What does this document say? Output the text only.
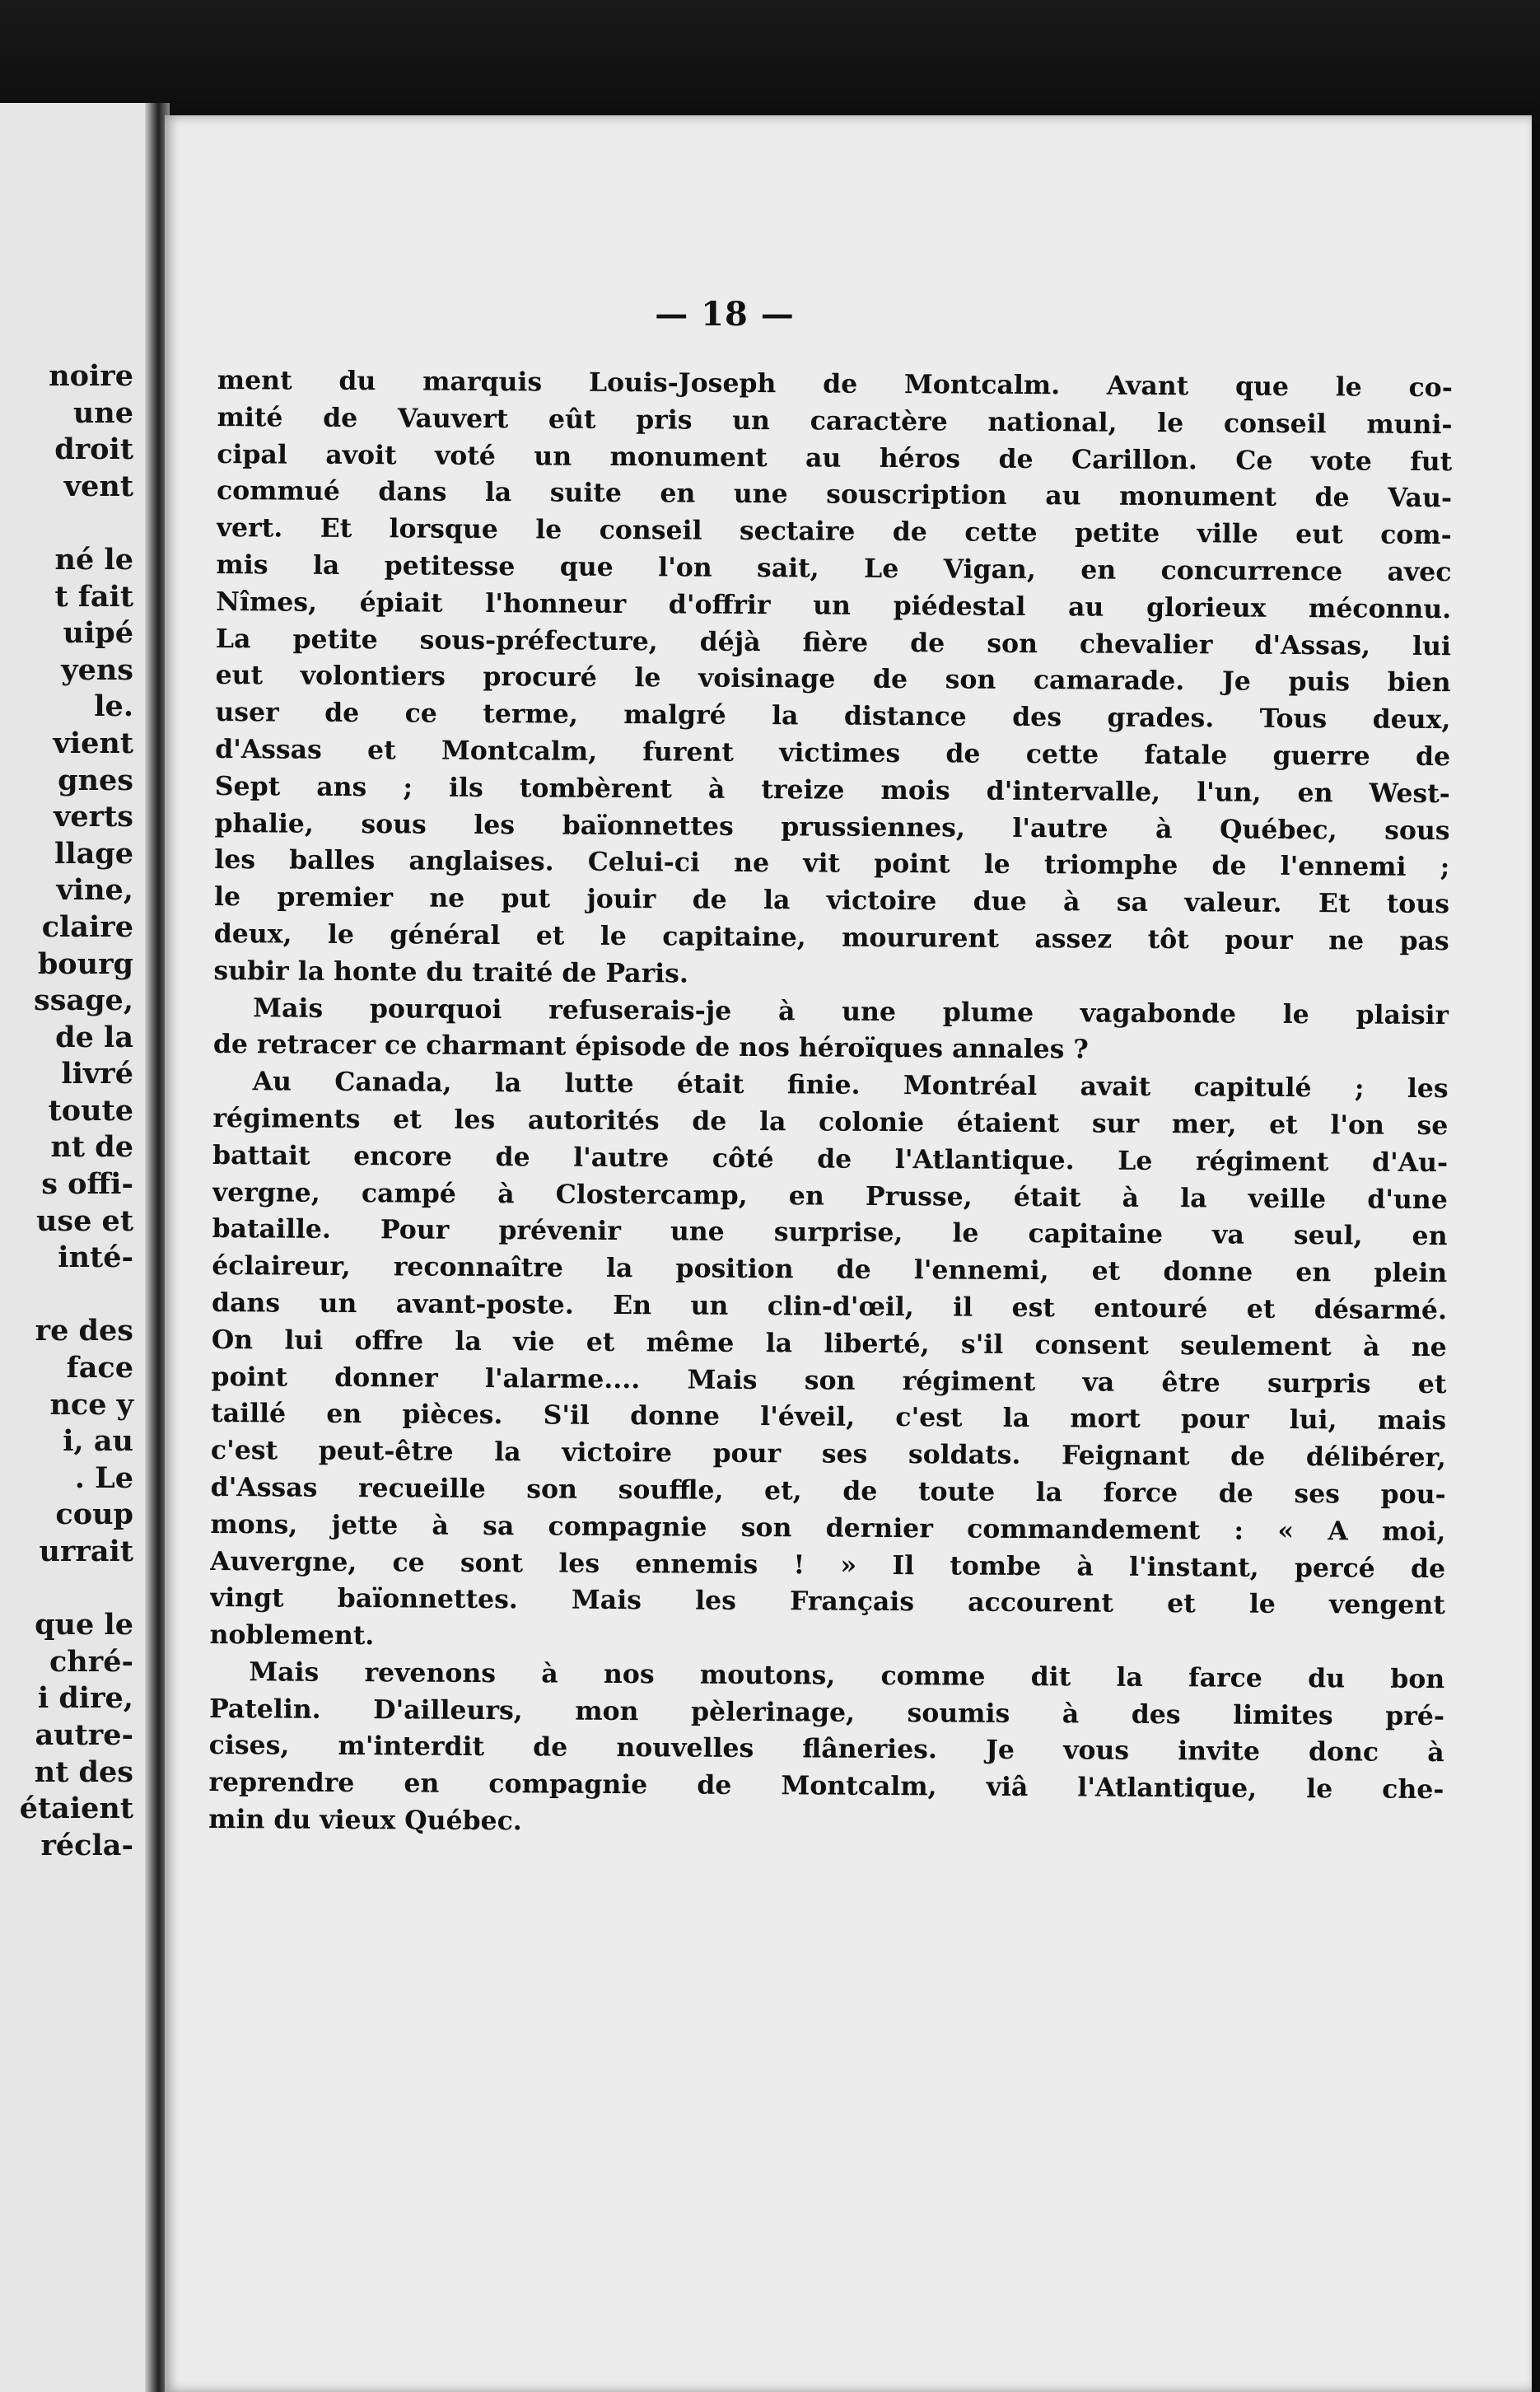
noire
une
droit
vent
né le
t fait
uipé
yens
le.
vient
gnes
verts
llage
vine,
claire
bourg
ssage,
de la
livré
toute
nt de
s offi-
use et
inté-
re des
face
nce y
i, au
. Le
coup
urrait
que le
chré-
i dire,
autre-
nt des
étaient
récla-
— 18 —
ment du marquis Louis-Joseph de Montcalm. Avant que le co-
mité de Vauvert eût pris un caractère national, le conseil muni-
cipal avoit voté un monument au héros de Carillon. Ce vote fut
commué dans la suite en une souscription au monument de Vau-
vert. Et lorsque le conseil sectaire de cette petite ville eut com-
mis la petitesse que l'on sait, Le Vigan, en concurrence avec
Nîmes, épiait l'honneur d'offrir un piédestal au glorieux méconnu.
La petite sous-préfecture, déjà fière de son chevalier d'Assas, lui
eut volontiers procuré le voisinage de son camarade. Je puis bien
user de ce terme, malgré la distance des grades. Tous deux,
d'Assas et Montcalm, furent victimes de cette fatale guerre de
Sept ans ; ils tombèrent à treize mois d'intervalle, l'un, en West-
phalie, sous les baïonnettes prussiennes, l'autre à Québec, sous
les balles anglaises. Celui-ci ne vit point le triomphe de l'ennemi ;
le premier ne put jouir de la victoire due à sa valeur. Et tous
deux, le général et le capitaine, moururent assez tôt pour ne pas
subir la honte du traité de Paris.
Mais pourquoi refuserais-je à une plume vagabonde le plaisir
de retracer ce charmant épisode de nos héroïques annales ?
Au Canada, la lutte était finie. Montréal avait capitulé ; les
régiments et les autorités de la colonie étaient sur mer, et l'on se
battait encore de l'autre côté de l'Atlantique. Le régiment d'Au-
vergne, campé à Clostercamp, en Prusse, était à la veille d'une
bataille. Pour prévenir une surprise, le capitaine va seul, en
éclaireur, reconnaître la position de l'ennemi, et donne en plein
dans un avant-poste. En un clin-d'œil, il est entouré et désarmé.
On lui offre la vie et même la liberté, s'il consent seulement à ne
point donner l'alarme.... Mais son régiment va être surpris et
taillé en pièces. S'il donne l'éveil, c'est la mort pour lui, mais
c'est peut-être la victoire pour ses soldats. Feignant de délibérer,
d'Assas recueille son souffle, et, de toute la force de ses pou-
mons, jette à sa compagnie son dernier commandement : « A moi,
Auvergne, ce sont les ennemis ! » Il tombe à l'instant, percé de
vingt baïonnettes. Mais les Français accourent et le vengent
noblement.
Mais revenons à nos moutons, comme dit la farce du bon
Patelin. D'ailleurs, mon pèlerinage, soumis à des limites pré-
cises, m'interdit de nouvelles flâneries. Je vous invite donc à
reprendre en compagnie de Montcalm, viâ l'Atlantique, le che-
min du vieux Québec.
